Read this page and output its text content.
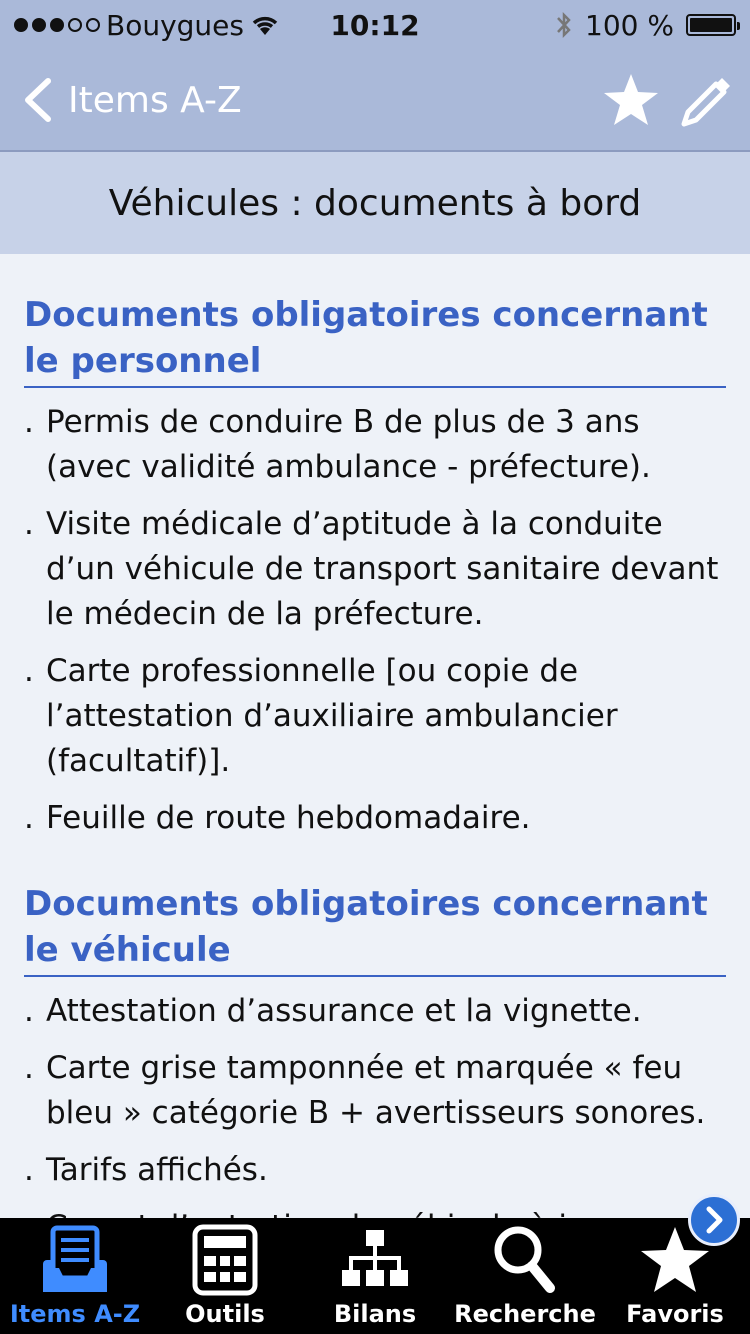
Bouygues	10:12	100 %
Items A-Z
Véhicules : documents à bord
Documents obligatoires concernant le personnel
. Permis de conduire B de plus de 3 ans (avec validité ambulance - préfecture).
. Visite médicale d’aptitude à la conduite d’un véhicule de transport sanitaire devant le médecin de la préfecture.
. Carte professionnelle [ou copie de l’attestation d’auxiliaire ambulancier (facultatif)].
. Feuille de route hebdomadaire.
Documents obligatoires concernant le véhicule
. Attestation d’assurance et la vignette.
. Carte grise tamponnée et marquée « feu bleu » catégorie B + avertisseurs sonores.
. Tarifs affichés.
Items A-Z Outils	Bilans Recherche Favoris
